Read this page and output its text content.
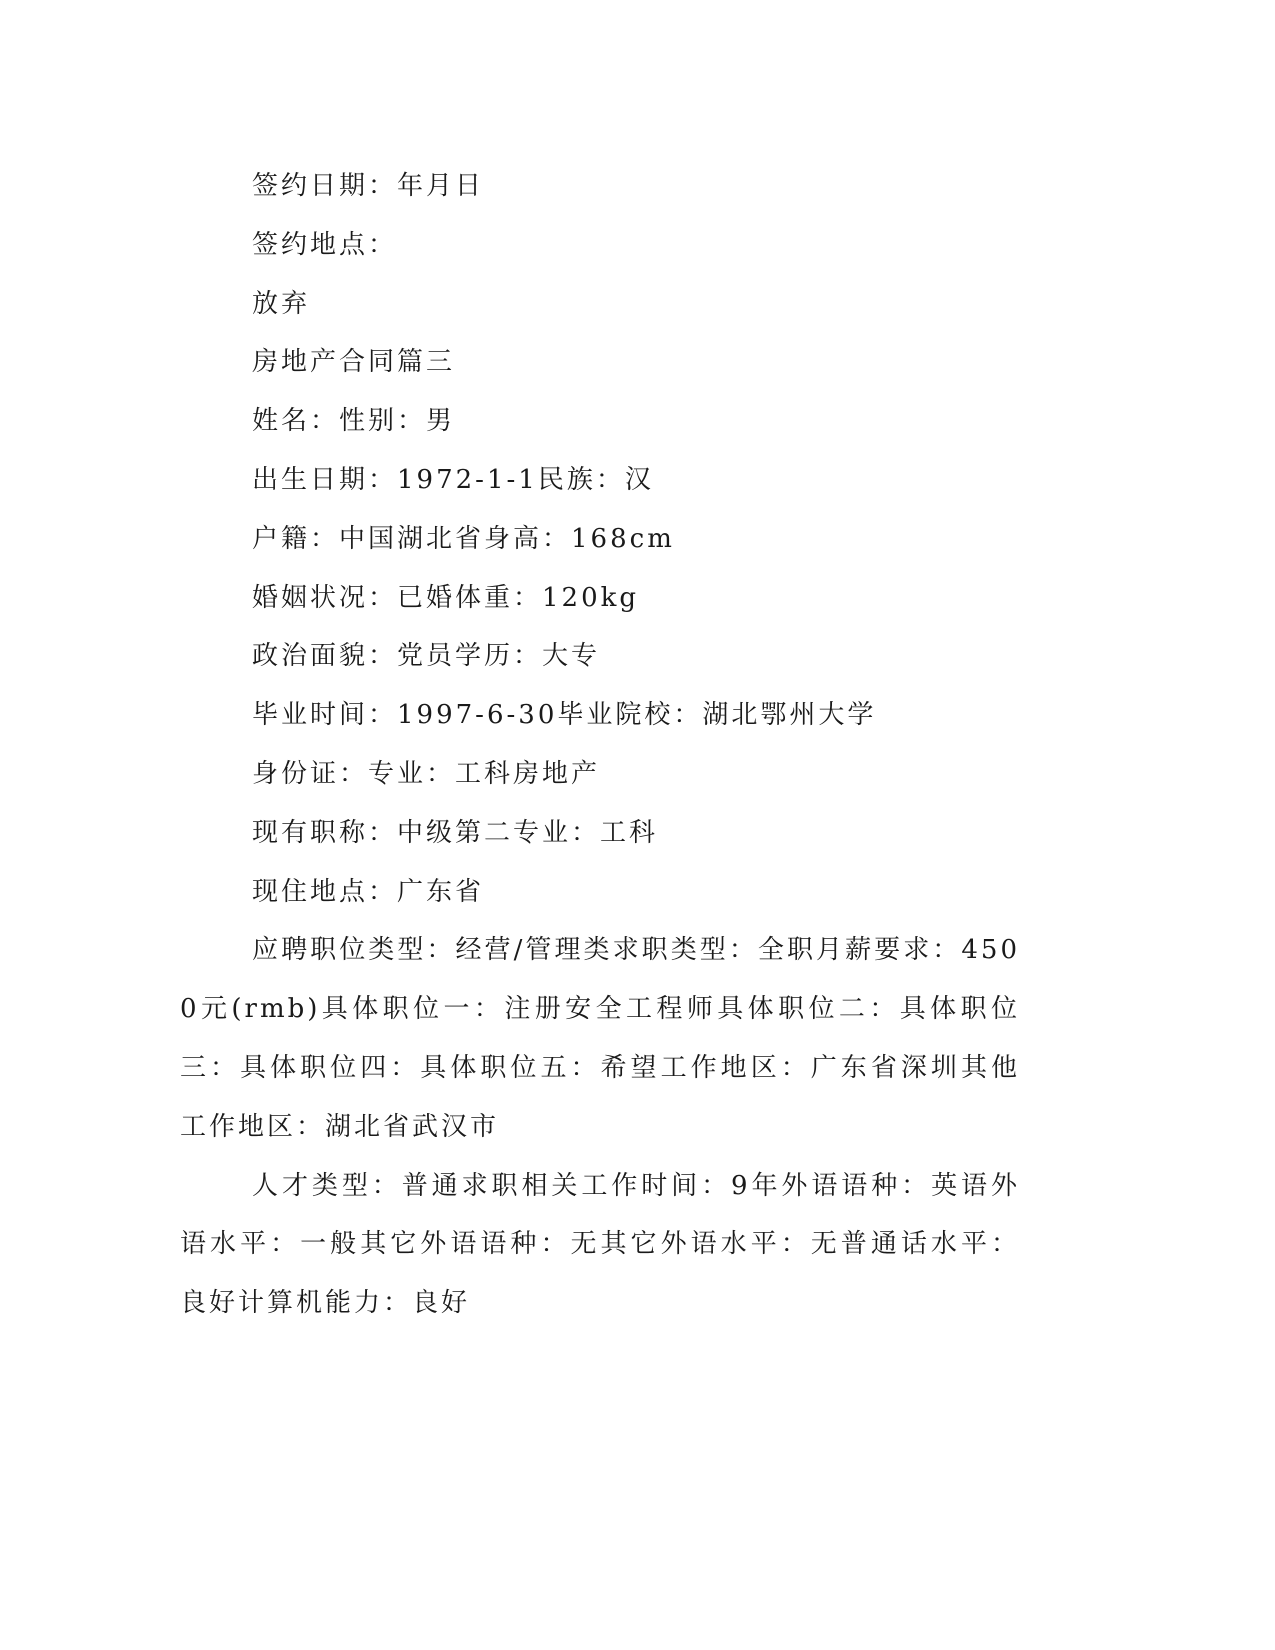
签约日期：年月日

签约地点：

放弃

房地产合同篇三

姓名：性别：男

出生日期：1972-1-1民族：汉

户籍：中国湖北省身高：168cm

婚姻状况：已婚体重：120kg

政治面貌：党员学历：大专

毕业时间：1997-6-30毕业院校：湖北鄂州大学

身份证：专业：工科房地产

现有职称：中级第二专业：工科

现住地点：广东省

应聘职位类型：经营/管理类求职类型：全职月薪要求：4500元(rmb)具体职位一：注册安全工程师具体职位二：具体职位三：具体职位四：具体职位五：希望工作地区：广东省深圳其他工作地区：湖北省武汉市

人才类型：普通求职相关工作时间：9年外语语种：英语外语水平：一般其它外语语种：无其它外语水平：无普通话水平：良好计算机能力：良好
